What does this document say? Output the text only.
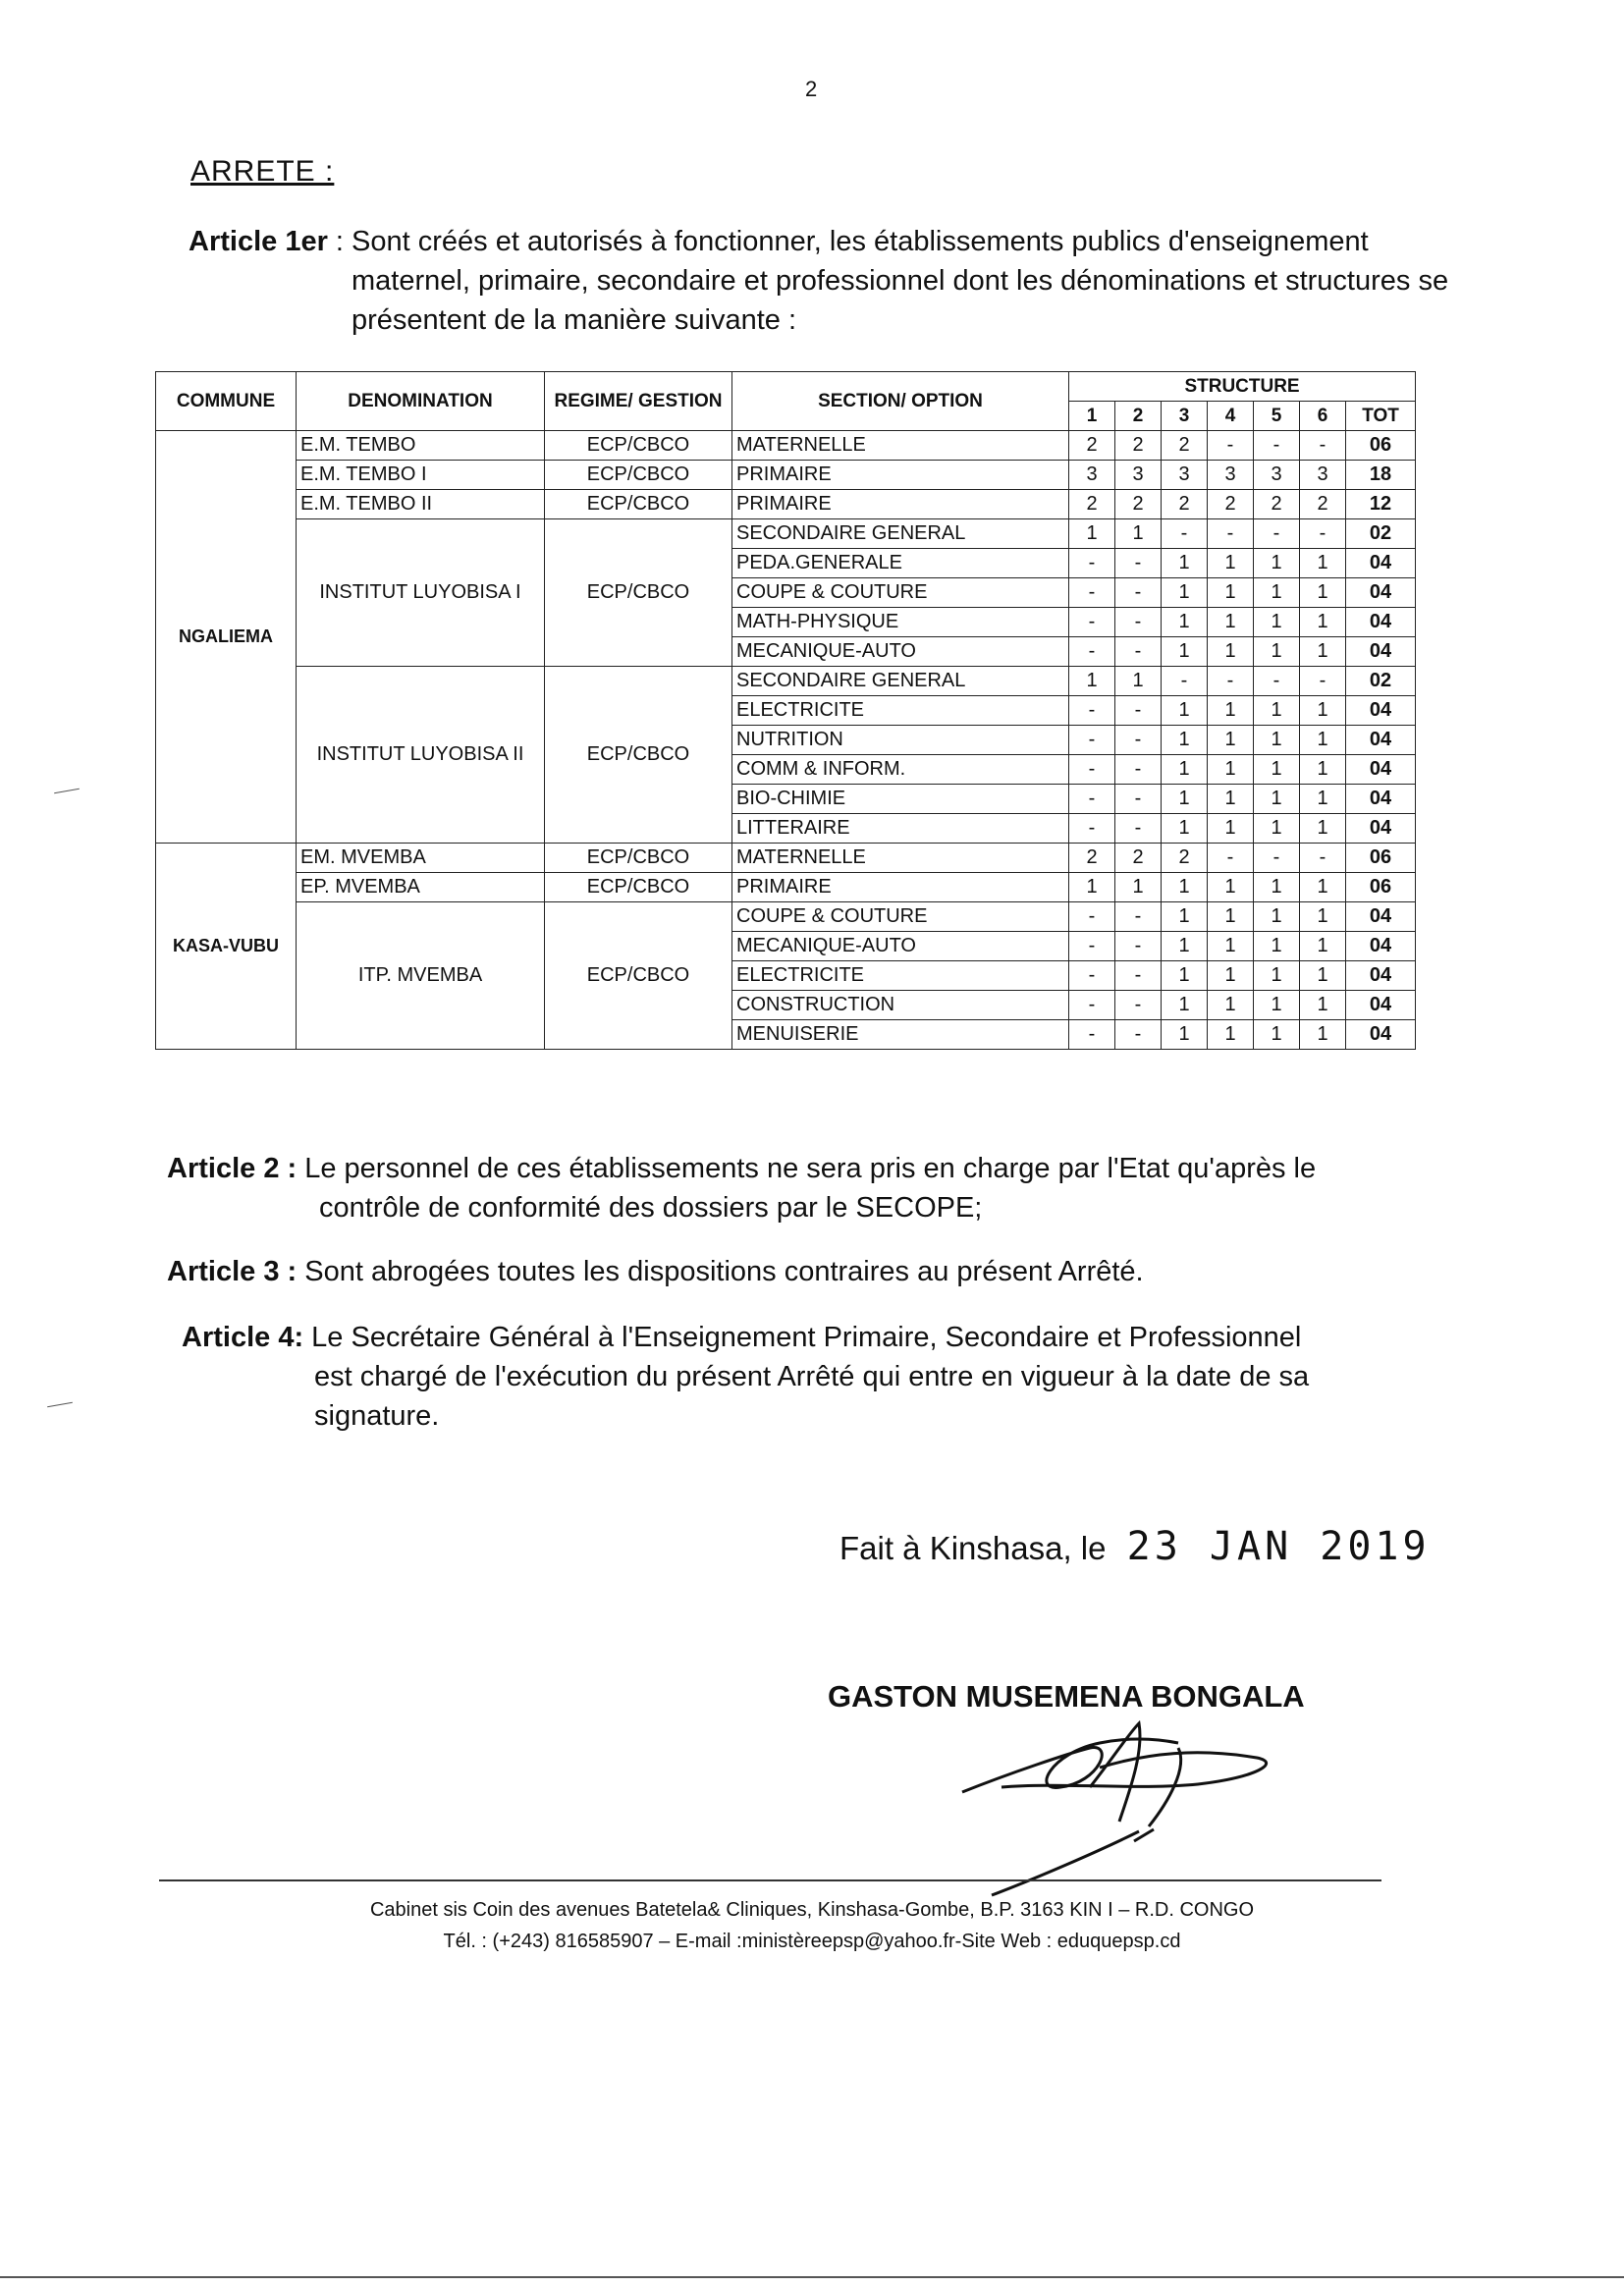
2
ARRETE :
Article 1er : Sont créés et autorisés à fonctionner, les établissements publics d'enseignement
maternel, primaire, secondaire et professionnel dont les dénominations et structures se présentent de la manière suivante :
COMMUNE	DENOMINATION	REGIME/ GESTION	SECTION/ OPTION	STRUCTURE						
				1	2	3	4	5	6	TOT
NGALIEMA	E.M. TEMBO	ECP/CBCO	MATERNELLE	2	2	2	-	-	-	06
	E.M. TEMBO I	ECP/CBCO	PRIMAIRE	3	3	3	3	3	3	18
	E.M. TEMBO II	ECP/CBCO	PRIMAIRE	2	2	2	2	2	2	12
	INSTITUT LUYOBISA I	ECP/CBCO	SECONDAIRE GENERAL	1	1	-	-	-	-	02
			PEDA.GENERALE	-	-	1	1	1	1	04
			COUPE & COUTURE	-	-	1	1	1	1	04
			MATH-PHYSIQUE	-	-	1	1	1	1	04
			MECANIQUE-AUTO	-	-	1	1	1	1	04
	INSTITUT LUYOBISA II	ECP/CBCO	SECONDAIRE GENERAL	1	1	-	-	-	-	02
			ELECTRICITE	-	-	1	1	1	1	04
			NUTRITION	-	-	1	1	1	1	04
			COMM & INFORM.	-	-	1	1	1	1	04
			BIO-CHIMIE	-	-	1	1	1	1	04
			LITTERAIRE	-	-	1	1	1	1	04
KASA-VUBU	EM. MVEMBA	ECP/CBCO	MATERNELLE	2	2	2	-	-	-	06
	EP. MVEMBA	ECP/CBCO	PRIMAIRE	1	1	1	1	1	1	06
	ITP. MVEMBA	ECP/CBCO	COUPE & COUTURE	-	-	1	1	1	1	04
			MECANIQUE-AUTO	-	-	1	1	1	1	04
			ELECTRICITE	-	-	1	1	1	1	04
			CONSTRUCTION	-	-	1	1	1	1	04
			MENUISERIE	-	-	1	1	1	1	04
Article 2 : Le personnel de ces établissements ne sera pris en charge par l'Etat qu'après le
contrôle de conformité des dossiers par le SECOPE;
Article 3 : Sont abrogées toutes les dispositions contraires au présent Arrêté.
Article 4: Le Secrétaire Général à l'Enseignement Primaire, Secondaire et Professionnel
est chargé de l'exécution du présent Arrêté qui entre en vigueur à la date de sa signature.
Fait à Kinshasa, le 23 JAN 2019
GASTON MUSEMENA BONGALA
Cabinet sis Coin des avenues Batetela& Cliniques, Kinshasa-Gombe, B.P. 3163 KIN I – R.D. CONGO
Tél. : (+243) 816585907 – E-mail :ministèreepsp@yahoo.fr-Site Web : eduquepsp.cd
